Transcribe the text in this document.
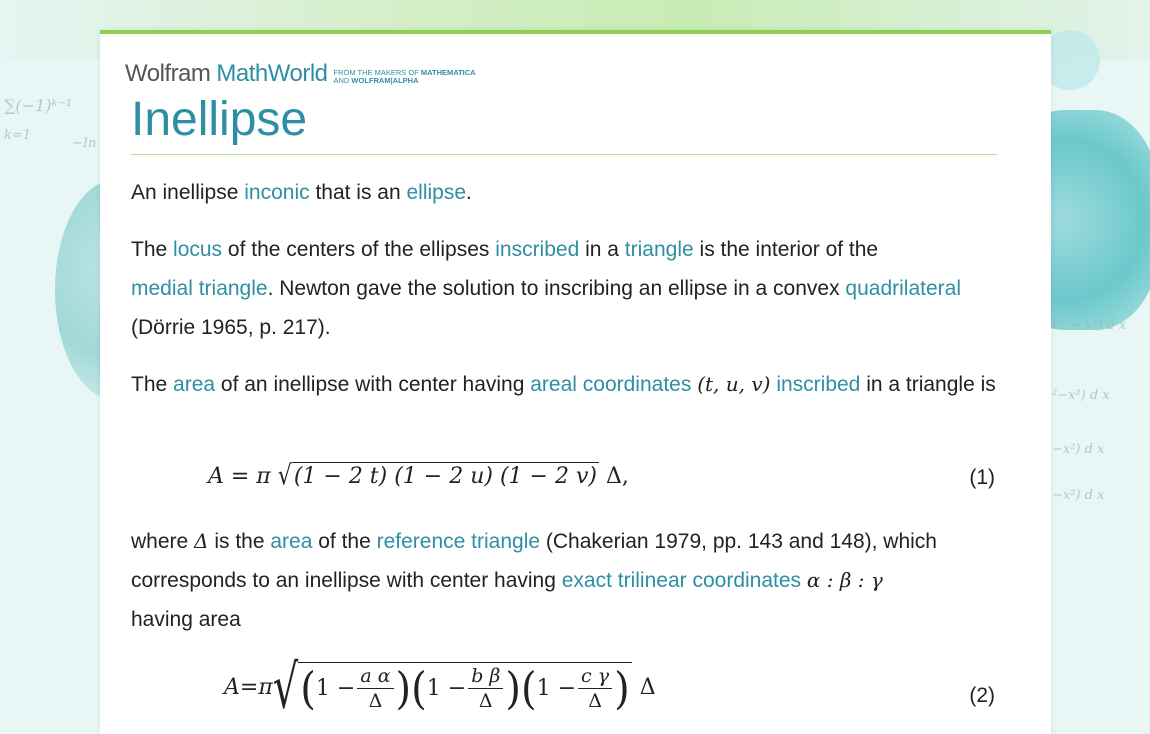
∑(−1)ᵏ⁻¹
k=1
−In
b² − x²) d x
²−x²) d x
−x²) d x
−x²) d x
Wolfram MathWorld FROM THE MAKERS OF MATHEMATICA
AND WOLFRAM|ALPHA
Inellipse

An inellipse inconic that is an ellipse.

The locus of the centers of the ellipses inscribed in a triangle is the interior of the
medial triangle. Newton gave the solution to inscribing an ellipse in a convex quadrilateral (Dörrie 1965, p. 217).

The area of an inellipse with center having areal coordinates (t, u, v) inscribed in a triangle is

A = π √(1 − 2 t) (1 − 2 u) (1 − 2 v) Δ,	(1)

where Δ is the area of the reference triangle (Chakerian 1979, pp. 143 and 148), which corresponds to an inellipse with center having exact trilinear coordinates α : β : γ
having area

A=π √ ( $1 - \frac{\text{a α}}{\Delta}$ ) ( $1 - \frac{\text{b β}}{\Delta}$ ) ( $1 - \frac{\text{c γ}}{\Delta}$ ) Δ	(2)
